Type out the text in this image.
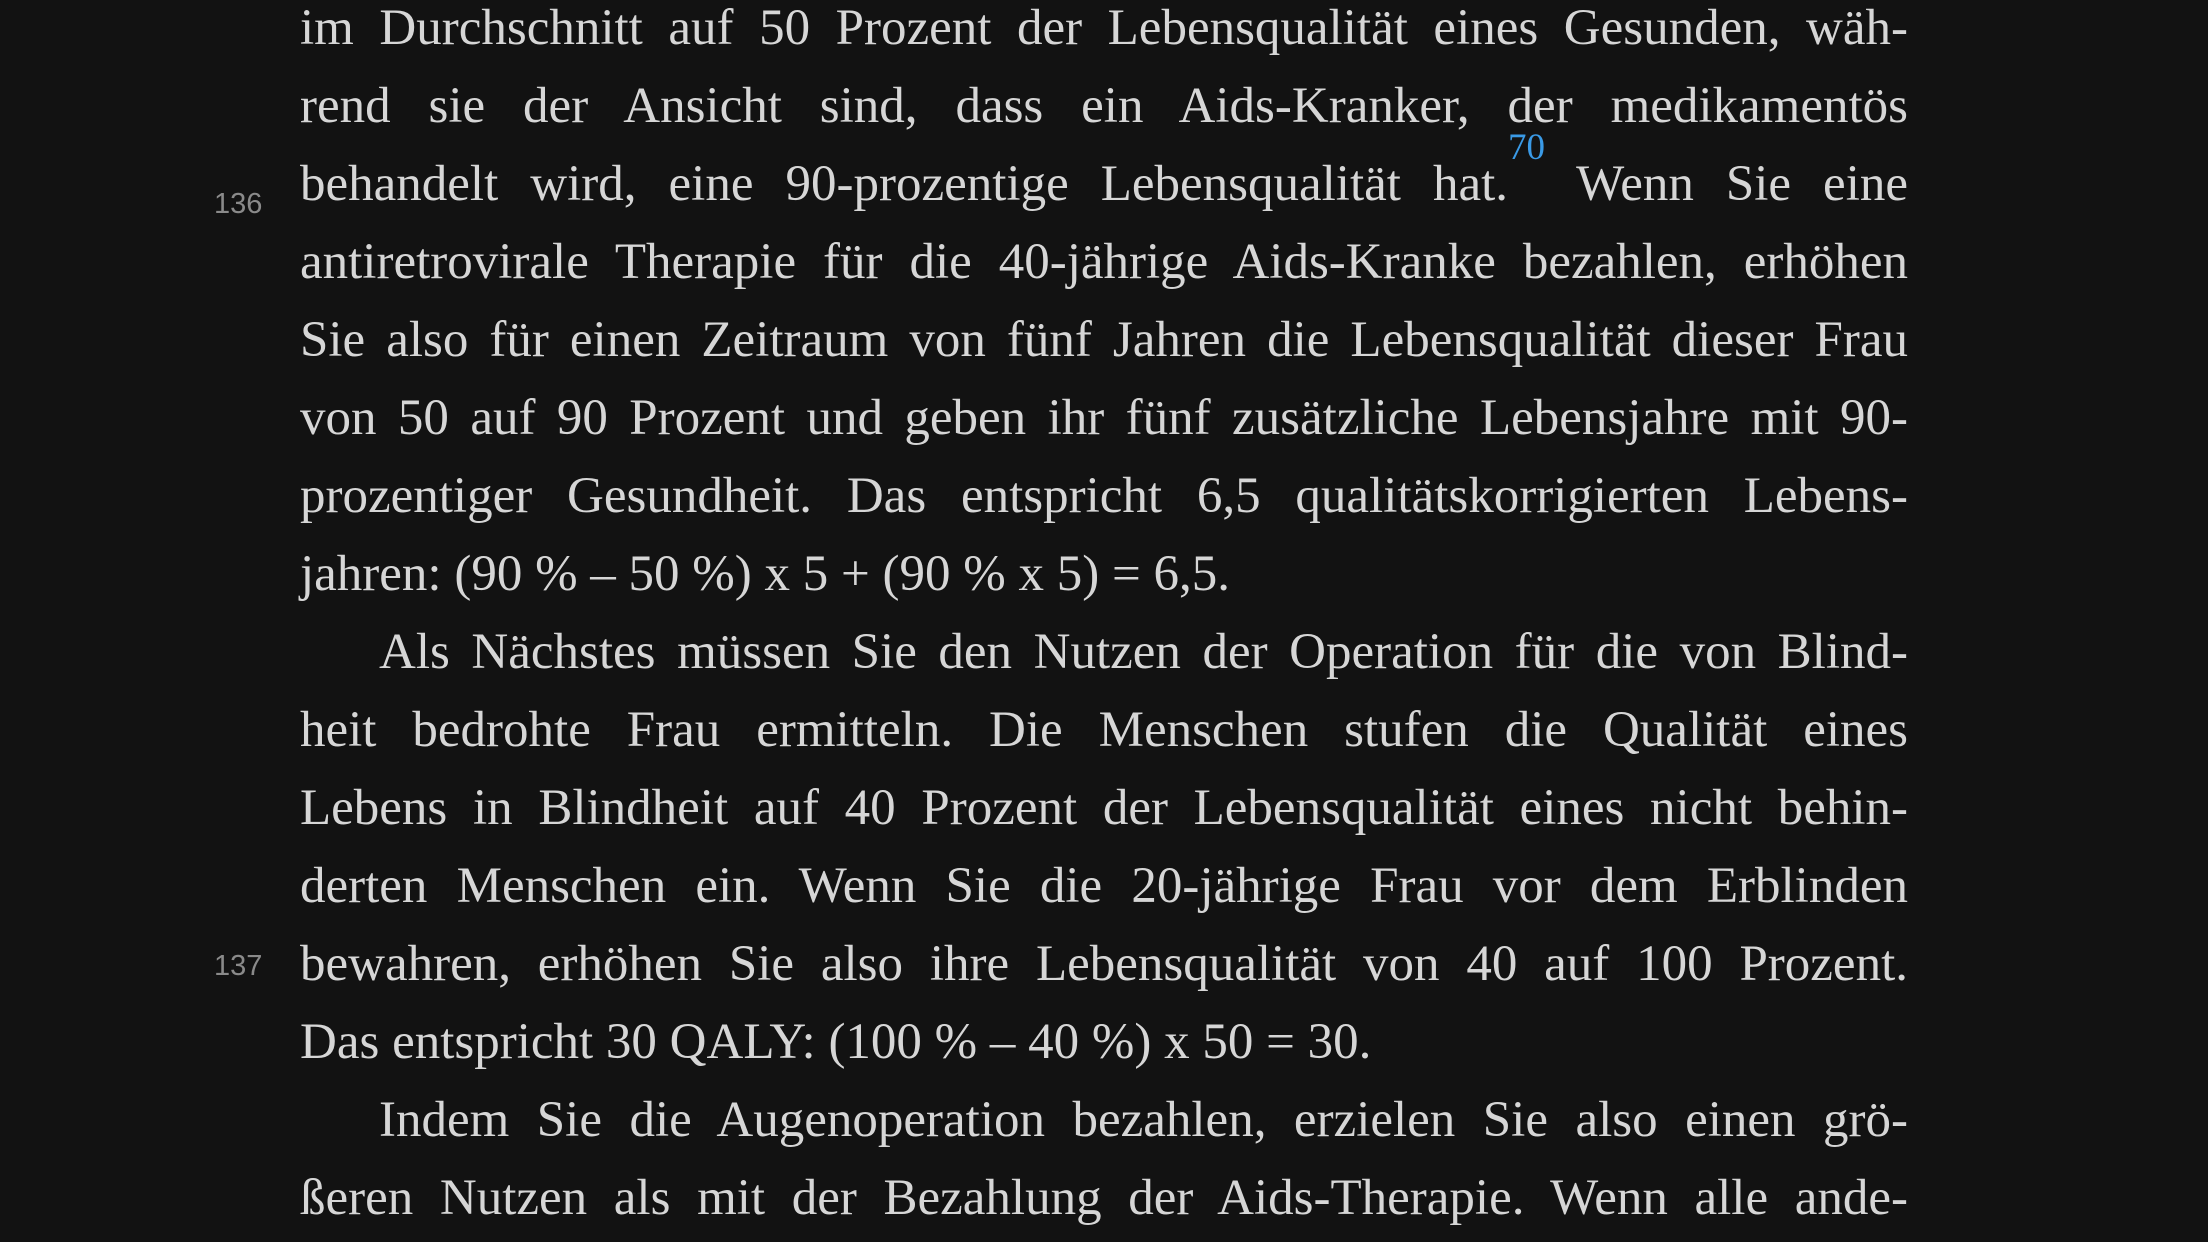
136
137
im Durchschnitt auf 50 Prozent der Lebensqualität eines Gesunden, wäh-
rend sie der Ansicht sind, dass ein Aids-Kranker, der medikamentös
behandelt wird, eine 90-prozentige Lebensqualität hat.$^{70}$ Wenn Sie eine
antiretrovirale Therapie für die 40-jährige Aids-Kranke bezahlen, erhöhen
Sie also für einen Zeitraum von fünf Jahren die Lebensqualität dieser Frau
von 50 auf 90 Prozent und geben ihr fünf zusätzliche Lebensjahre mit 90-
prozentiger Gesundheit. Das entspricht 6,5 qualitätskorrigierten Lebens-
jahren: (90 % – 50 %) x 5 + (90 % x 5) = 6,5.
Als Nächstes müssen Sie den Nutzen der Operation für die von Blind-
heit bedrohte Frau ermitteln. Die Menschen stufen die Qualität eines
Lebens in Blindheit auf 40 Prozent der Lebensqualität eines nicht behin-
derten Menschen ein. Wenn Sie die 20-jährige Frau vor dem Erblinden
bewahren, erhöhen Sie also ihre Lebensqualität von 40 auf 100 Prozent.
Das entspricht 30 QALY: (100 % – 40 %) x 50 = 30.
Indem Sie die Augenoperation bezahlen, erzielen Sie also einen grö-
ßeren Nutzen als mit der Bezahlung der Aids-Therapie. Wenn alle ande-
